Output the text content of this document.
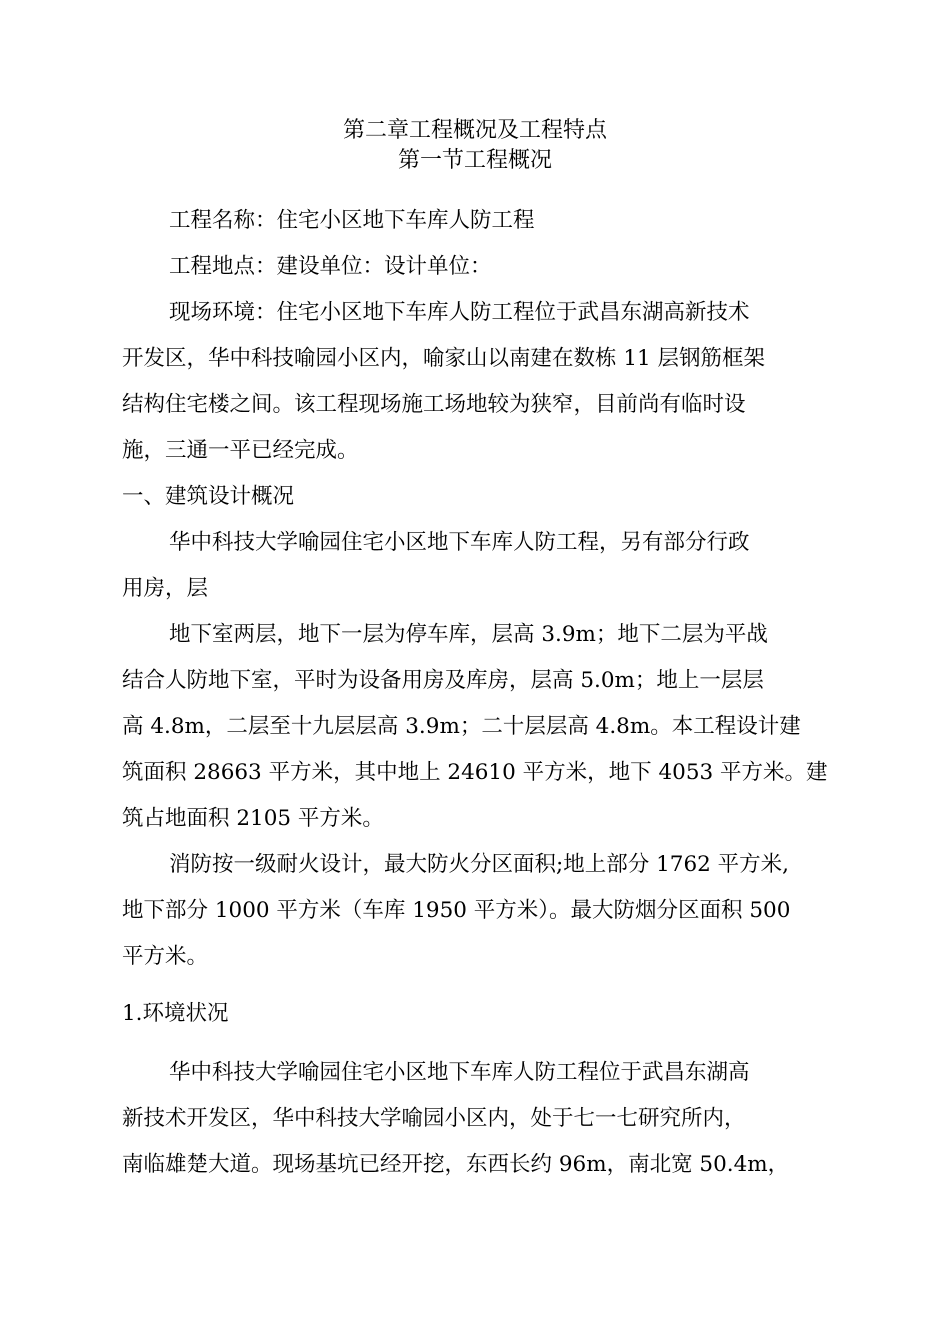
第二章工程概况及工程特点
第一节工程概况

工程名称：住宅小区地下车库人防工程

工程地点：建设单位：设计单位：

现场环境：住宅小区地下车库人防工程位于武昌东湖高新技术

开发区，华中科技喻园小区内，喻家山以南建在数栋 11 层钢筋框架

结构住宅楼之间。该工程现场施工场地较为狭窄，目前尚有临时设

施，三通一平已经完成。

一、建筑设计概况

华中科技大学喻园住宅小区地下车库人防工程，另有部分行政

用房，层

地下室两层，地下一层为停车库，层高 3.9m；地下二层为平战

结合人防地下室，平时为设备用房及库房，层高 5.0m；地上一层层

高 4.8m，二层至十九层层高 3.9m；二十层层高 4.8m。本工程设计建

筑面积 28663 平方米，其中地上 24610 平方米，地下 4053 平方米。建

筑占地面积 2105 平方米。

消防按一级耐火设计，最大防火分区面积;地上部分 1762 平方米,

地下部分 1000 平方米（车库 1950 平方米）。最大防烟分区面积 500

平方米。

1.环境状况

华中科技大学喻园住宅小区地下车库人防工程位于武昌东湖高

新技术开发区，华中科技大学喻园小区内，处于七一七研究所内，

南临雄楚大道。现场基坑已经开挖，东西长约 96m，南北宽 50.4m，
